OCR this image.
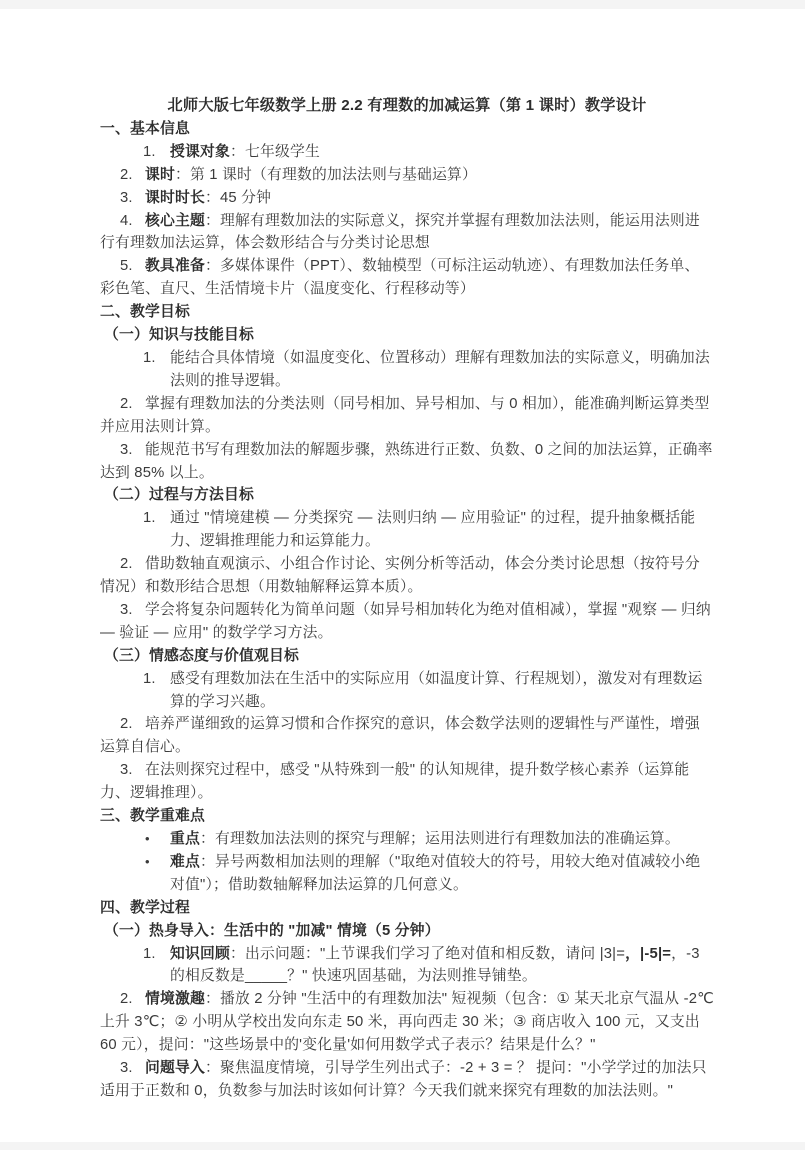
北师大版七年级数学上册 2.2 有理数的加减运算（第 1 课时）教学设计
一、基本信息
1. 授课对象：七年级学生
2. 课时：第 1 课时（有理数的加法法则与基础运算）
3. 课时时长：45 分钟
4. 核心主题：理解有理数加法的实际意义，探究并掌握有理数加法法则，能运用法则进行有理数加法运算，体会数形结合与分类讨论思想
5. 教具准备：多媒体课件（PPT）、数轴模型（可标注运动轨迹）、有理数加法任务单、彩色笔、直尺、生活情境卡片（温度变化、行程移动等）
二、教学目标
（一）知识与技能目标
1. 能结合具体情境（如温度变化、位置移动）理解有理数加法的实际意义，明确加法法则的推导逻辑。
2. 掌握有理数加法的分类法则（同号相加、异号相加、与 0 相加），能准确判断运算类型并应用法则计算。
3. 能规范书写有理数加法的解题步骤，熟练进行正数、负数、0 之间的加法运算，正确率达到 85% 以上。
（二）过程与方法目标
1. 通过 "情境建模 — 分类探究 — 法则归纳 — 应用验证" 的过程，提升抽象概括能力、逻辑推理能力和运算能力。
2. 借助数轴直观演示、小组合作讨论、实例分析等活动，体会分类讨论思想（按符号分情况）和数形结合思想（用数轴解释运算本质）。
3. 学会将复杂问题转化为简单问题（如异号相加转化为绝对值相减），掌握 "观察 — 归纳 — 验证 — 应用" 的数学学习方法。
（三）情感态度与价值观目标
1. 感受有理数加法在生活中的实际应用（如温度计算、行程规划），激发对有理数运算的学习兴趣。
2. 培养严谨细致的运算习惯和合作探究的意识，体会数学法则的逻辑性与严谨性，增强运算自信心。
3. 在法则探究过程中，感受 "从特殊到一般" 的认知规律，提升数学核心素养（运算能力、逻辑推理）。
三、教学重难点
• 重点：有理数加法法则的探究与理解；运用法则进行有理数加法的准确运算。
• 难点：异号两数相加法则的理解（"取绝对值较大的符号，用较大绝对值减较小绝对值"）；借助数轴解释加法运算的几何意义。
四、教学过程
（一）热身导入：生活中的 "加减" 情境（5 分钟）
1. 知识回顾：出示问题："上节课我们学习了绝对值和相反数，请问 |3|=，|-5|=，-3 的相反数是_____？" 快速巩固基础，为法则推导铺垫。
2. 情境激趣：播放 2 分钟 "生活中的有理数加法" 短视频（包含：① 某天北京气温从 -2℃上升 3℃；② 小明从学校出发向东走 50 米，再向西走 30 米；③ 商店收入 100 元，又支出 60 元），提问："这些场景中的'变化量'如何用数学式子表示？结果是什么？"
3. 问题导入：聚焦温度情境，引导学生列出式子：-2 + 3 = ？ 提问："小学学过的加法只适用于正数和 0，负数参与加法时该如何计算？今天我们就来探究有理数的加法法则。"
